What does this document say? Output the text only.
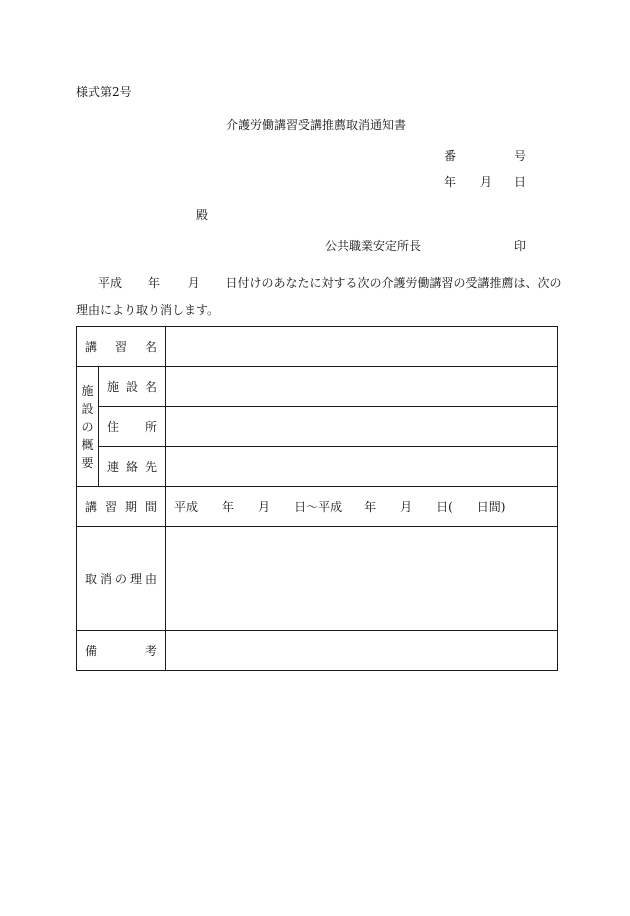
様式第2号
介護労働講習受講推薦取消通知書
番	号
年 月 日
殿
公共職業安定所長	印
平成 年 月 日付けのあなたに対する次の介護労働講習の受講推薦は、次の
理由により取り消します。
講 習 名		

施
設
の
概
要	施 設 名	

	住 所	

	連 絡 先	

講 習 期 間		平成 年 月 日〜平成 年 月 日( 日間)

取 消 の 理 由		

備 考		
